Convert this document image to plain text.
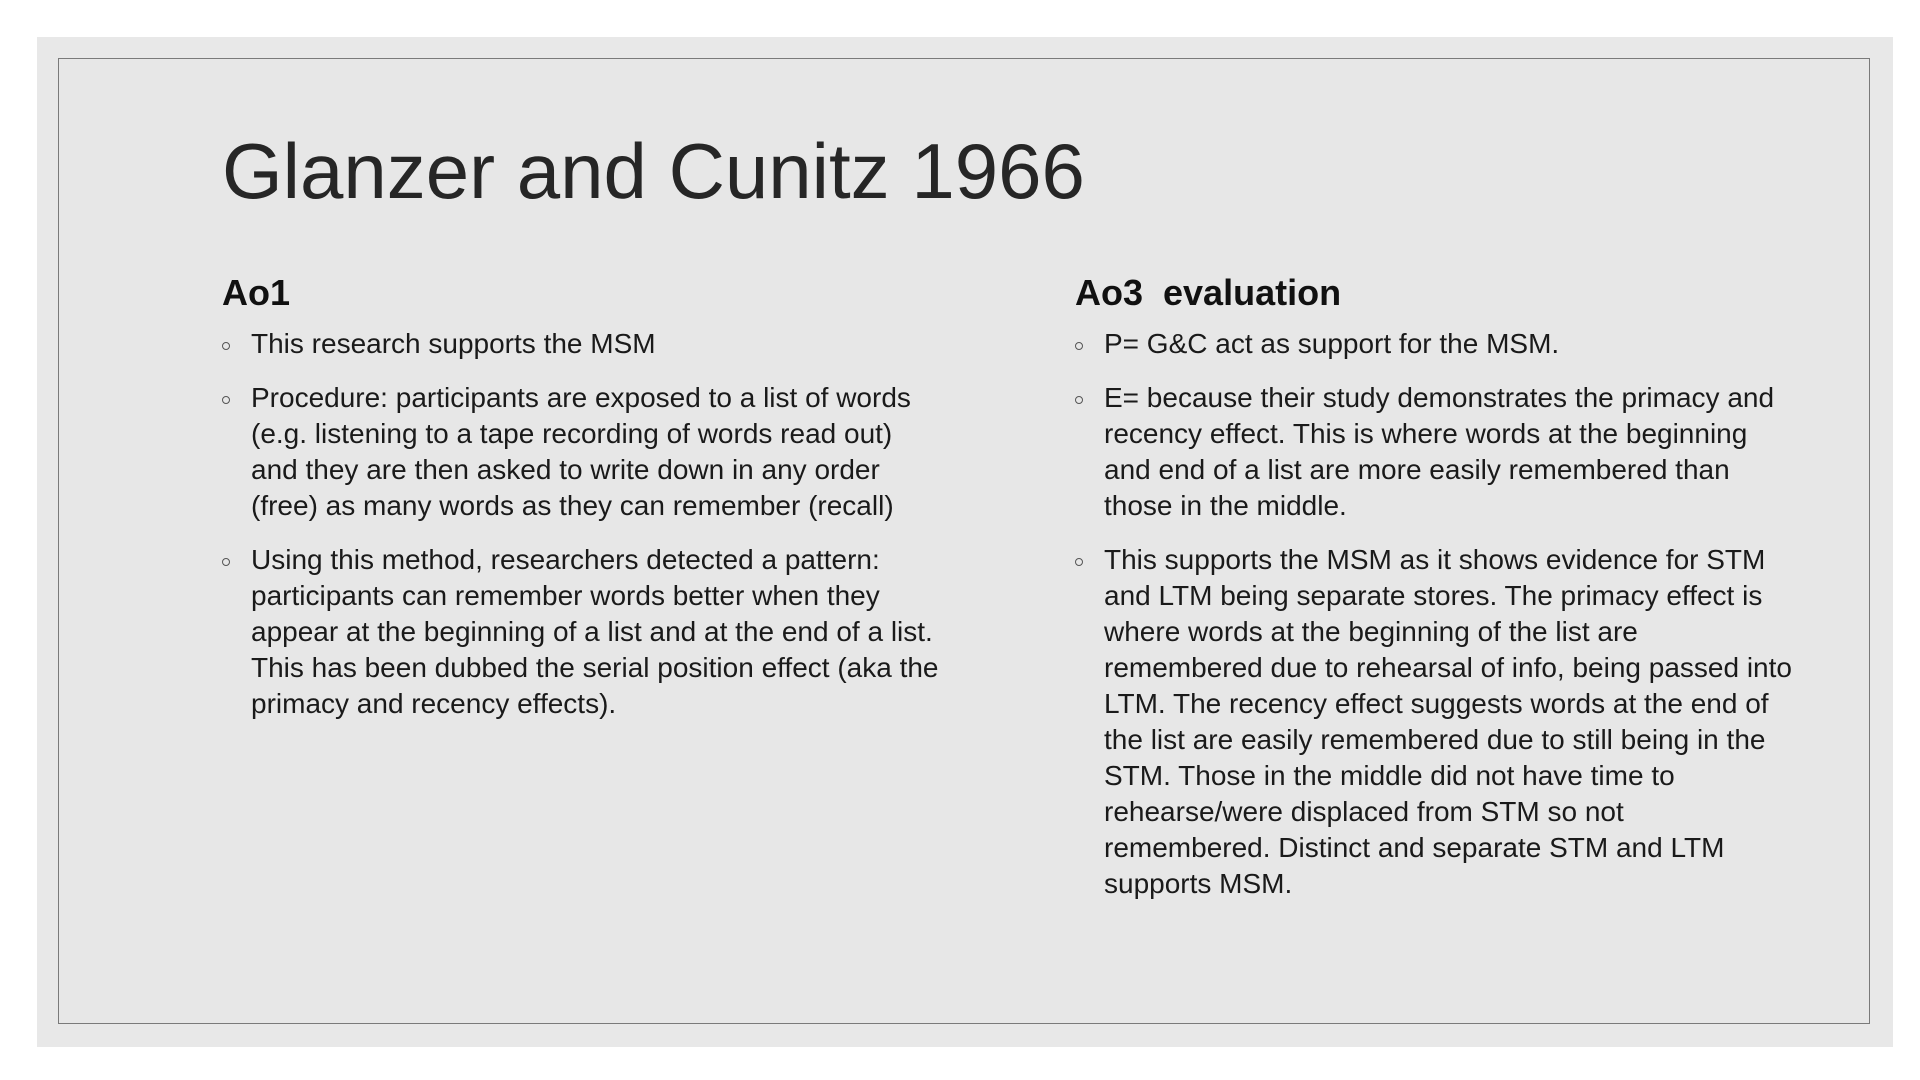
Glanzer and Cunitz 1966
Ao1
This research supports the MSM
Procedure: participants are exposed to a list of words (e.g. listening to a tape recording of words read out) and they are then asked to write down in any order (free) as many words as they can remember (recall)
Using this method, researchers detected a pattern: participants can remember words better when they appear at the beginning of a list and at the end of a list. This has been dubbed the serial position effect (aka the primacy and recency effects).
Ao3  evaluation
P= G&C act as support for the MSM.
E= because their study demonstrates the primacy and recency effect. This is where words at the beginning and end of a list are more easily remembered than those in the middle.
This supports the MSM as it shows evidence for STM and LTM being separate stores. The primacy effect is where words at the beginning of the list are remembered due to rehearsal of info, being passed into LTM. The recency effect suggests words at the end of the list are easily remembered due to still being in the STM. Those in the middle did not have time to rehearse/were displaced from STM so not remembered. Distinct and separate STM and LTM supports MSM.
